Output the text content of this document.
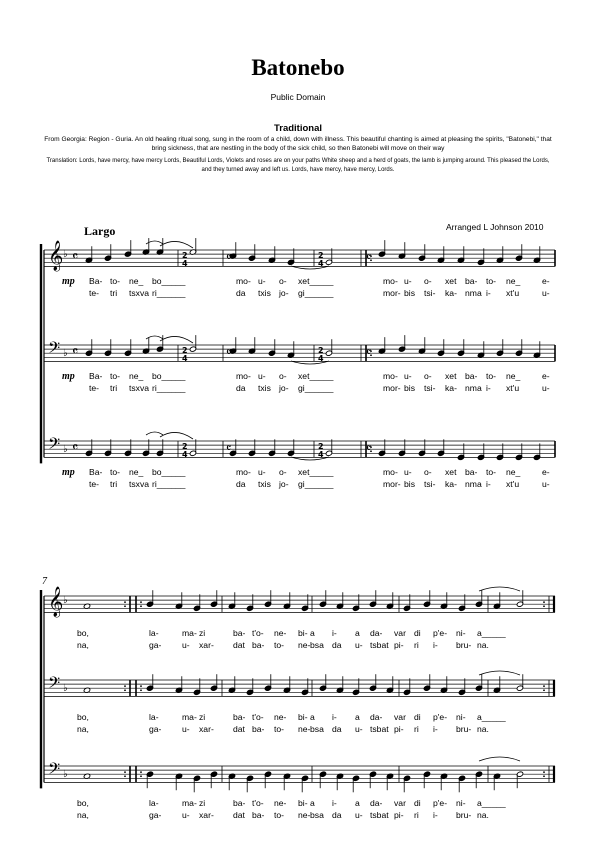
Batonebo
Public Domain
Traditional
From Georgia: Region - Guria. An old healing ritual song, sung in the room of a child, down with illness. This beautiful chanting is aimed at pleasing the spirits, "Batonebi," that bring sickness, that are nestling in the body of the sick child, so then Batonebi will move on their way
Translation: Lords, have mercy, have mercy Lords, Beautiful Lords, Violets and roses are on your paths White sheep and a herd of goats, the lamb is jumping around. This pleased the Lords, and they turned away and left us. Lords, have mercy, have mercy, Lords.
Arranged L Johnson 2010
Largo
7
𝄞 ♭ 𝄴
𝄢 ♭ 𝄴
𝄢 ♭ 𝄴
𝄞 ♭
𝄢 ♭
𝄢 ♭
2
4
2
4
𝄴	𝄴
2
4
2
4
𝄴	𝄴
2
4
2
4
𝄴	𝄴
mp Ba- to- ne_ bo_____	mo- u- o- xet_____	mo- u- o- xet ba- to- ne_	e-
te- tri tsxva ri______	da txis jo- gi______	mor- bis tsi- ka- nma i- xt'u	u-
mp Ba- to- ne_ bo_____	mo- u- o- xet_____	mo- u- o- xet ba- to- ne_	e-
te- tri tsxva ri______	da txis jo- gi______	mor- bis tsi- ka- nma i- xt'u	u-
mp Ba- to- ne_ bo_____	mo- u- o- xet_____	mo- u- o- xet ba- to- ne_	e-
te- tri tsxva ri______	da txis jo- gi______	mor- bis tsi- ka- nma i- xt'u	u-
bo,	la-	ma- zi	ba- t'o- ne- bi- a i- a da- var di p'e- ni- a_____
na,	ga- u- xar- dat ba- to- ne- bsa da u- tsbat pi- ri i- bru- na.
bo,	la-	ma- zi	ba- t'o- ne- bi- a i- a da- var di p'e- ni- a_____
na,	ga- u- xar- dat ba- to- ne- bsa da u- tsbat pi- ri i- bru- na.
bo,	la-	ma- zi	ba- t'o- ne- bi- a i- a da- var di p'e- ni- a_____
na,	ga- u- xar- dat ba- to- ne- bsa da u- tsbat pi- ri i- bru- na.
